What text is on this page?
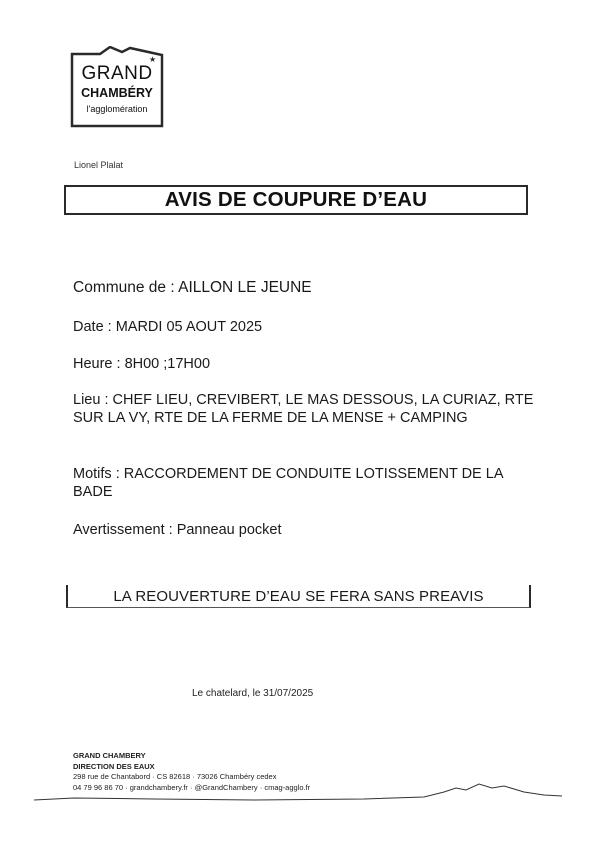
★
GRAND
CHAMBÉRY
l'agglomération
Lionel Plalat
AVIS DE COUPURE D’EAU
Commune de : AILLON LE JEUNE
Date : MARDI 05 AOUT 2025
Heure : 8H00 ;17H00
Lieu : CHEF LIEU, CREVIBERT, LE MAS DESSOUS, LA CURIAZ, RTE SUR LA VY, RTE DE LA FERME DE LA MENSE + CAMPING
Motifs : RACCORDEMENT DE CONDUITE LOTISSEMENT DE LA BADE
Avertissement : Panneau pocket
LA REOUVERTURE D’EAU SE FERA SANS PREAVIS
Le chatelard, le 31/07/2025
GRAND CHAMBERY
DIRECTION DES EAUX
298 rue de Chantabord · CS 82618 · 73026 Chambéry cedex
04 79 96 86 70 · grandchambery.fr · @GrandChambery · cmag-agglo.fr
